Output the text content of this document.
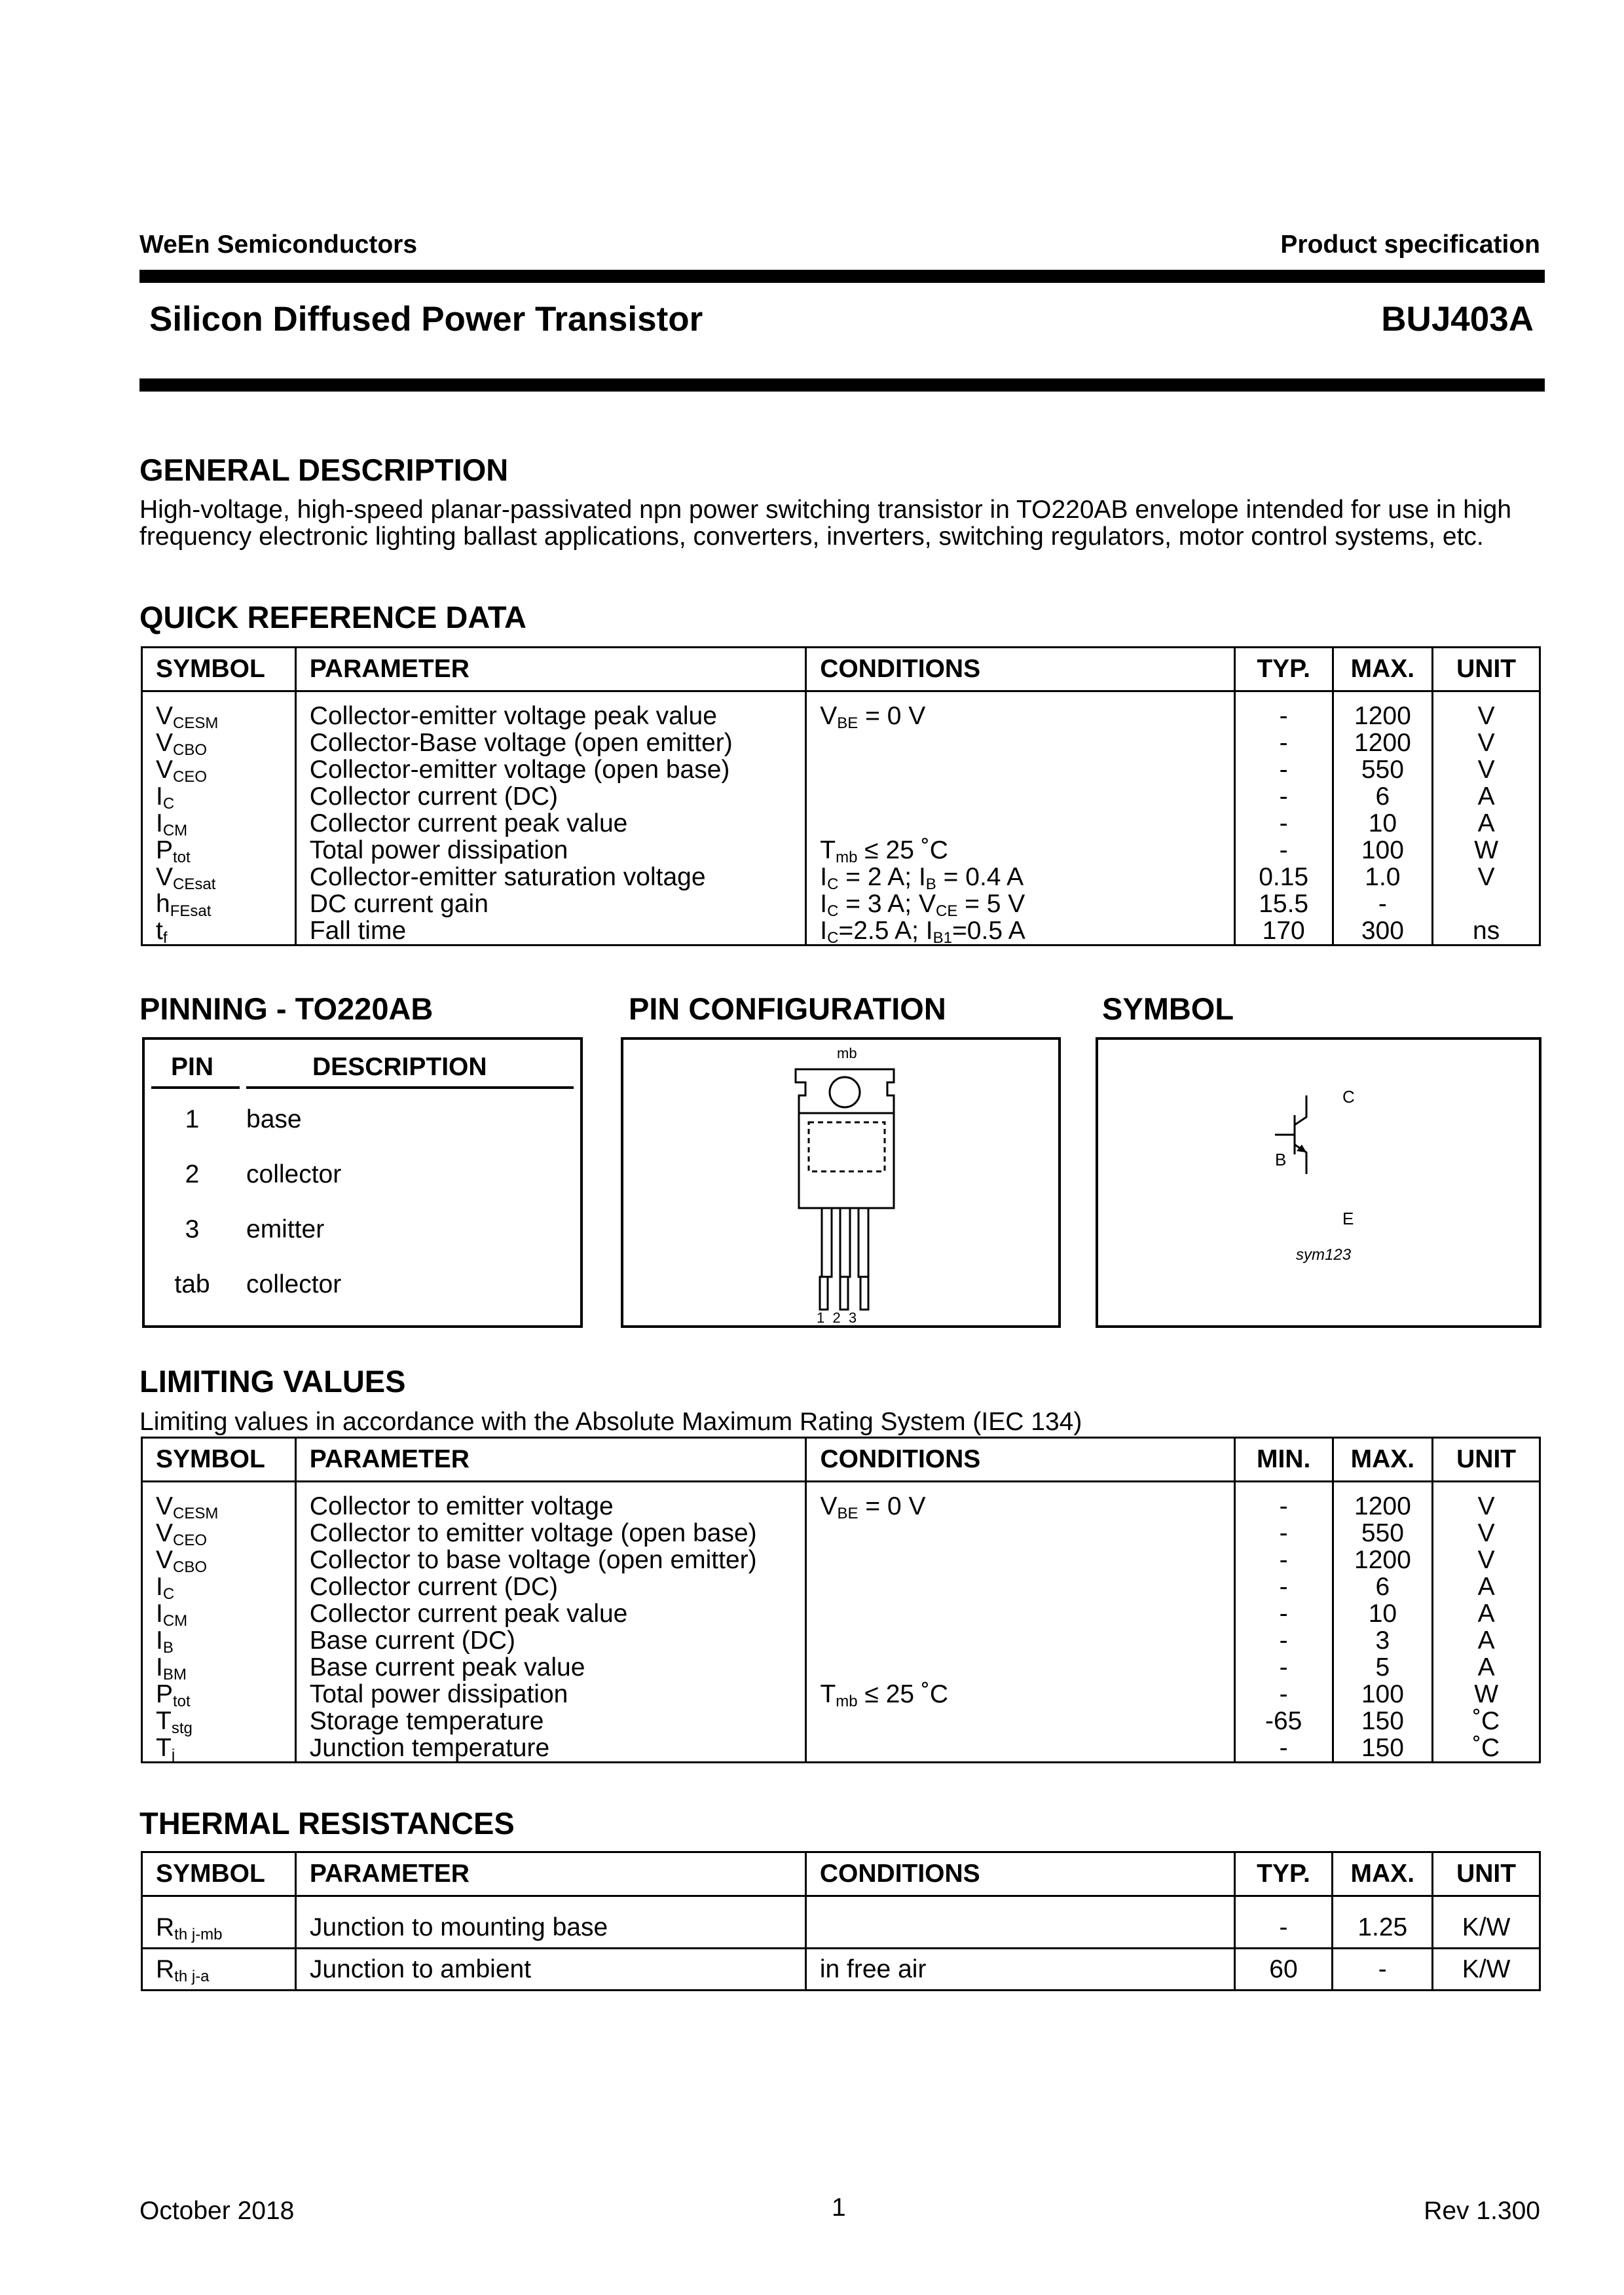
WeEn Semiconductors	Product specification
Silicon Diffused Power Transistor	BUJ403A
GENERAL DESCRIPTION
High-voltage, high-speed planar-passivated npn power switching transistor in TO220AB envelope intended for use in high frequency electronic lighting ballast applications, converters, inverters, switching regulators, motor control systems, etc.
QUICK REFERENCE DATA
SYMBOL	PARAMETER	CONDITIONS	TYP.	MAX.	UNIT
$V_{CESM}$	Collector-emitter voltage peak value	$V_{BE} = 0$ V	-	1200	V
$V_{CBO}$	Collector-Base voltage (open emitter)		-	1200	V
$V_{CEO}$	Collector-emitter voltage (open base)		-	550	V
$I_C$	Collector current (DC)		-	6	A
$I_{CM}$	Collector current peak value		-	10	A
$P_{tot}$	Total power dissipation	$T_{mb} \le 25$ ˚C	-	100	W
$V_{CEsat}$	Collector-emitter saturation voltage	$I_C = 2$ A; $I_B = 0.4$ A	0.15	1.0	V
$h_{FEsat}$	DC current gain	$I_C = 3$ A; $V_{CE} = 5$ V	15.5	-	
$t_f$	Fall time	$I_C=2.5$ A; $I_{B1}=0.5$ A	170	300	ns
PINNING - TO220AB
PIN	DESCRIPTION
1	base
2	collector
3	emitter
tab	collector
PIN CONFIGURATION
mb
1  2  3
SYMBOL
C
B
E
sym123
LIMITING VALUES
Limiting values in accordance with the Absolute Maximum Rating System (IEC 134)
SYMBOL	PARAMETER	CONDITIONS	MIN.	MAX.	UNIT
$V_{CESM}$	Collector to emitter voltage	$V_{BE} = 0$ V	-	1200	V
$V_{CEO}$	Collector to emitter voltage (open base)		-	550	V
$V_{CBO}$	Collector to base voltage (open emitter)		-	1200	V
$I_C$	Collector current (DC)		-	6	A
$I_{CM}$	Collector current peak value		-	10	A
$I_B$	Base current (DC)		-	3	A
$I_{BM}$	Base current peak value		-	5	A
$P_{tot}$	Total power dissipation	$T_{mb} \le 25$ ˚C	-	100	W
$T_{stg}$	Storage temperature		-65	150	˚C
$T_j$	Junction temperature		-	150	˚C
THERMAL RESISTANCES
SYMBOL	PARAMETER	CONDITIONS	TYP.	MAX.	UNIT
$R_{th j-mb}$	Junction to mounting base		-	1.25	K/W
$R_{th j-a}$	Junction to ambient	in free air	60	-	K/W
October 2018	1	Rev 1.300
